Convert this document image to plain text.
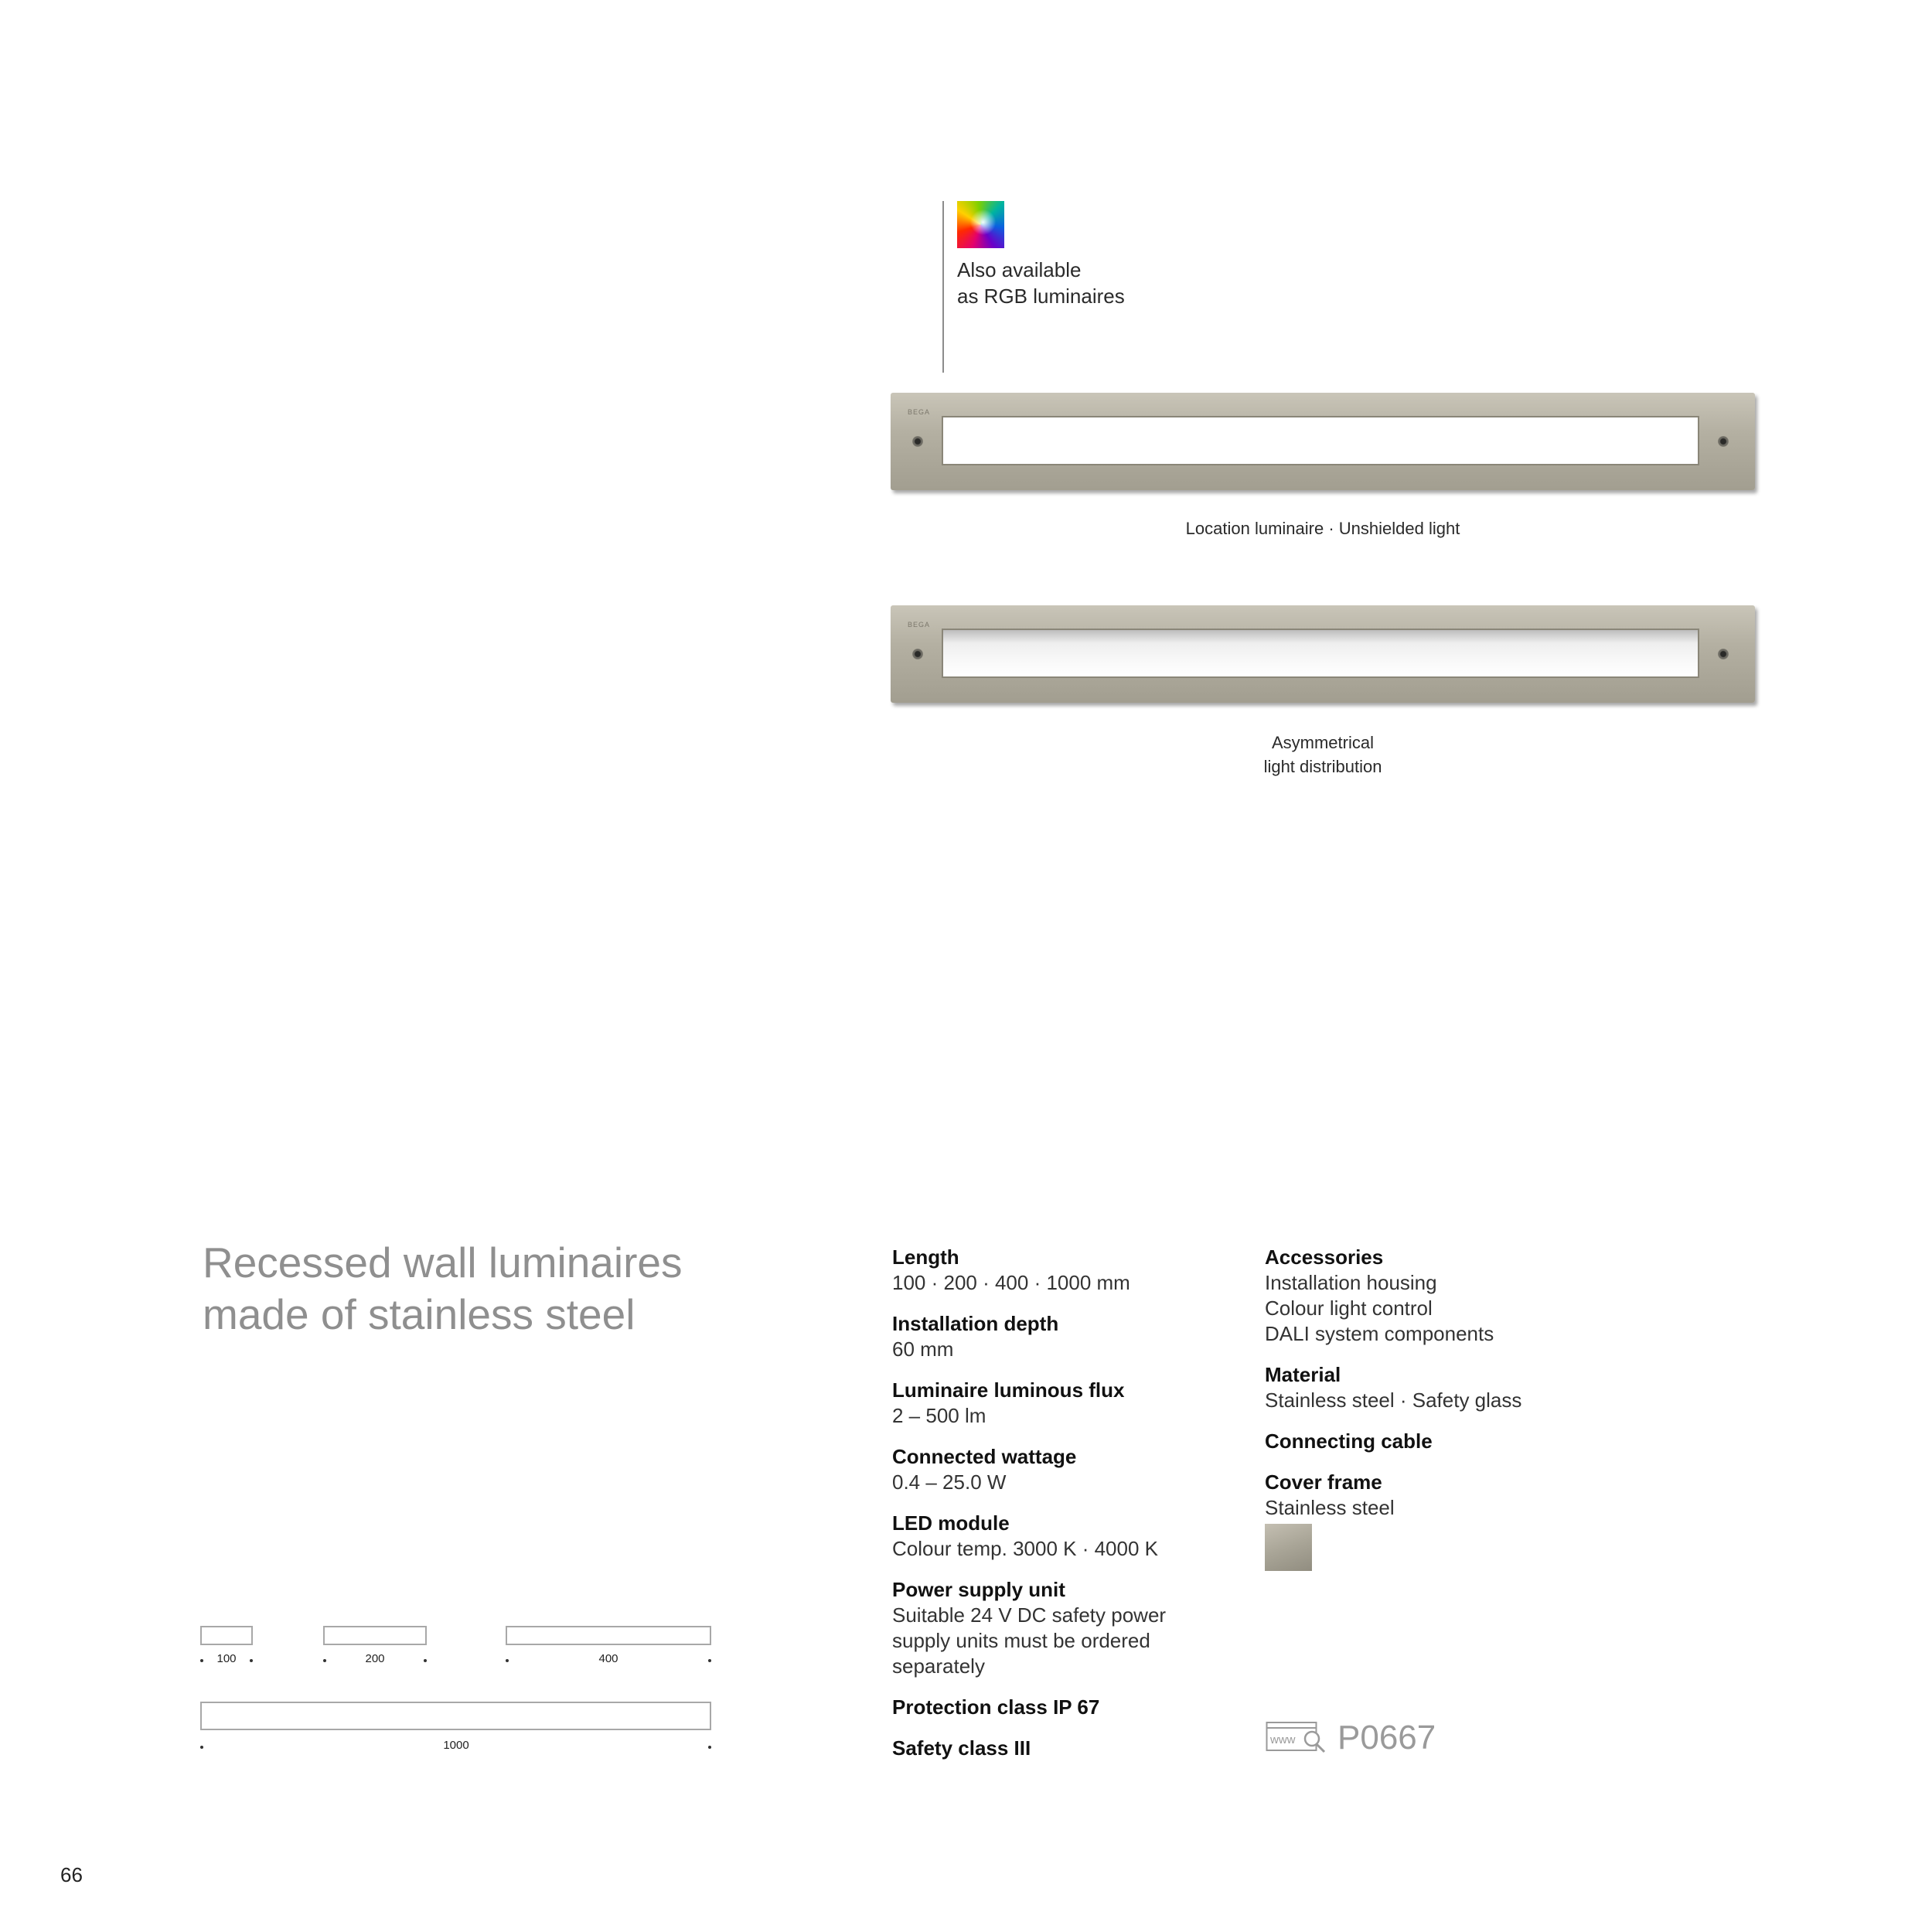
Also available
as RGB luminaires
BEGA
Location luminaire · Unshielded light
BEGA
Asymmetrical
light distribution
Recessed wall luminaires
made of stainless steel
100	200	400
1000
Length
100 · 200 · 400 · 1000 mm
Installation depth
60 mm
Luminaire luminous flux
2 – 500 lm
Connected wattage
0.4 – 25.0 W
LED module
Colour temp. 3000 K · 4000 K
Power supply unit
Suitable 24 V DC safety power
supply units must be ordered
separately
Protection class IP 67
Safety class III
Accessories
Installation housing
Colour light control
DALI system components
Material
Stainless steel · Safety glass
Connecting cable
Cover frame
Stainless steel
www P0667
66
